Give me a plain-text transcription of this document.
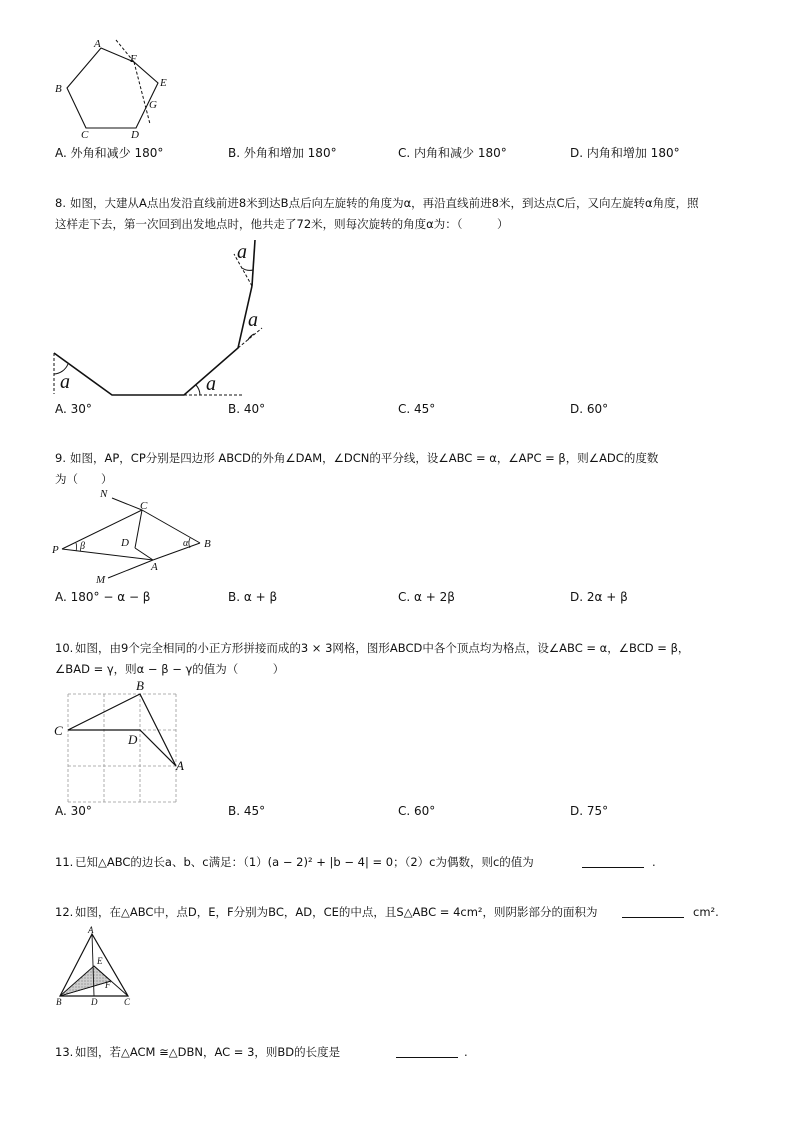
A
F
E
G
B
C	D
A. 外角和减少 180°	B. 外角和增加 180°	C. 内角和减少 180°	D. 内角和增加 180°
8. 如图，大建从A点出发沿直线前进8米到达B点后向左旋转的角度为α，再沿直线前进8米，到达点C后，又向左旋转α角度，照
这样走下去，第一次回到出发地点时，他共走了72米，则每次旋转的角度α为：（　　　）
a	a
a
a
A. 30°	B. 40°	C. 45°	D. 60°
9. 如图，AP，CP分别是四边形 ABCD的外角∠DAM，∠DCN的平分线，设∠ABC = α，∠APC = β，则∠ADC的度数
为（　　）
N
C
D
P β	α B
A
M
A. 180° − α − β	B. α + β	C. α + 2β	D. 2α + β
10. 如图，由9个完全相同的小正方形拼接而成的3 × 3网格，图形ABCD中各个顶点均为格点，设∠ABC = α，∠BCD = β，
∠BAD = γ，则α − β − γ的值为（　　　）
B
C
D
A
A. 30°	B. 45°	C. 60°	D. 75°
11. 已知△ABC的边长a、b、c满足：（1）(a − 2)² + |b − 4| = 0；（2）c为偶数，则c的值为	.
12. 如图，在△ABC中，点D，E，F分别为BC，AD，CE的中点，且S△ABC = 4cm²，则阴影部分的面积为	cm².
A
E
F
B	D	C
13. 如图，若△ACM ≅△DBN，AC = 3，则BD的长度是	.
